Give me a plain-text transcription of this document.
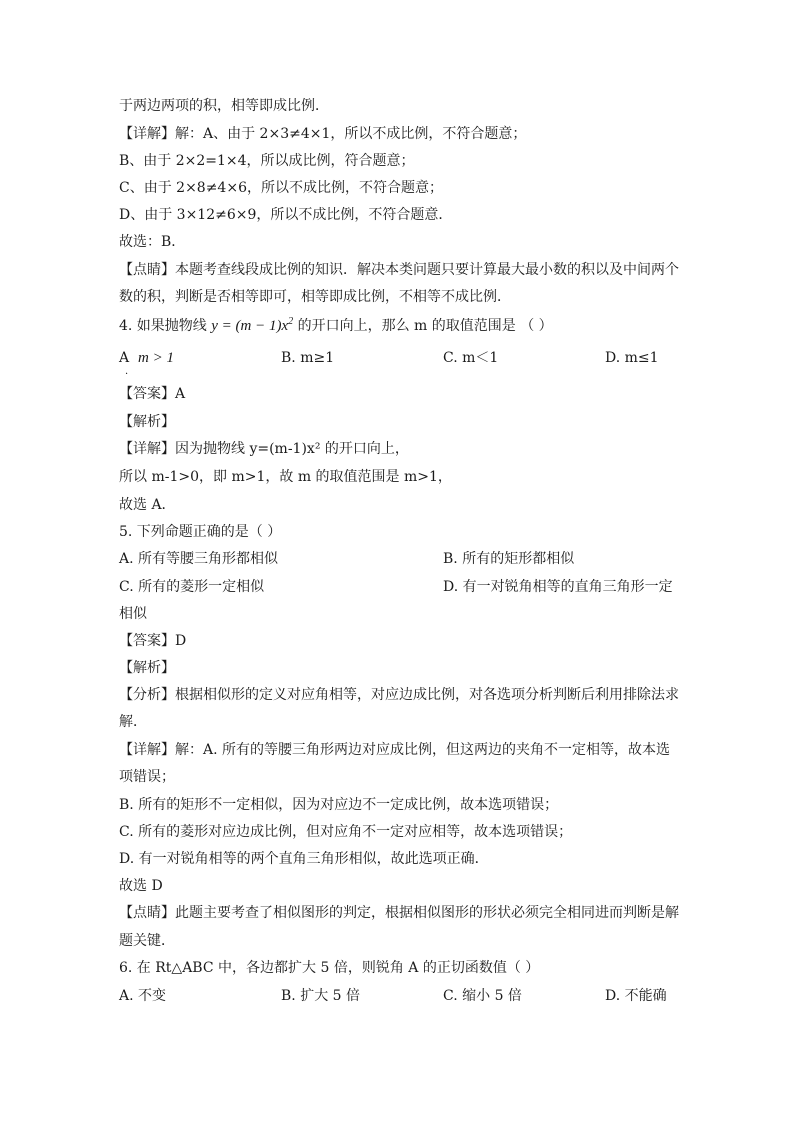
于两边两项的积，相等即成比例．
【详解】解：A、由于 2×3≠4×1，所以不成比例，不符合题意；
B、由于 2×2=1×4，所以成比例，符合题意；
C、由于 2×8≠4×6，所以不成比例，不符合题意；
D、由于 3×12≠6×9，所以不成比例，不符合题意．
故选：B．
【点睛】本题考查线段成比例的知识．解决本类问题只要计算最大最小数的积以及中间两个
数的积，判断是否相等即可，相等即成比例，不相等不成比例．
4. 如果抛物线 $y = (m - 1)x^2$ 的开口向上，那么 m 的取值范围是 （ ）
A m > 1
·
B. m≥1	C. m＜1	D. m≤1
【答案】A
【解析】
【详解】因为抛物线 y=(m-1)x² 的开口向上，
所以 m-1>0，即 m>1，故 m 的取值范围是 m>1，
故选 A．
5. 下列命题正确的是（ ）
A. 所有等腰三角形都相似	B. 所有的矩形都相似
C. 所有的菱形一定相似	D. 有一对锐角相等的直角三角形一定
相似
【答案】D
【解析】
【分析】根据相似形的定义对应角相等，对应边成比例，对各选项分析判断后利用排除法求
解．
【详解】解：A. 所有的等腰三角形两边对应成比例，但这两边的夹角不一定相等，故本选
项错误；
B. 所有的矩形不一定相似，因为对应边不一定成比例，故本选项错误；
C. 所有的菱形对应边成比例，但对应角不一定对应相等，故本选项错误；
D. 有一对锐角相等的两个直角三角形相似，故此选项正确．
故选 D
【点睛】此题主要考查了相似图形的判定，根据相似图形的形状必须完全相同进而判断是解
题关键．
6. 在 Rt△ABC 中，各边都扩大 5 倍，则锐角 A 的正切函数值（ ）
A. 不变	B. 扩大 5 倍	C. 缩小 5 倍	D. 不能确
